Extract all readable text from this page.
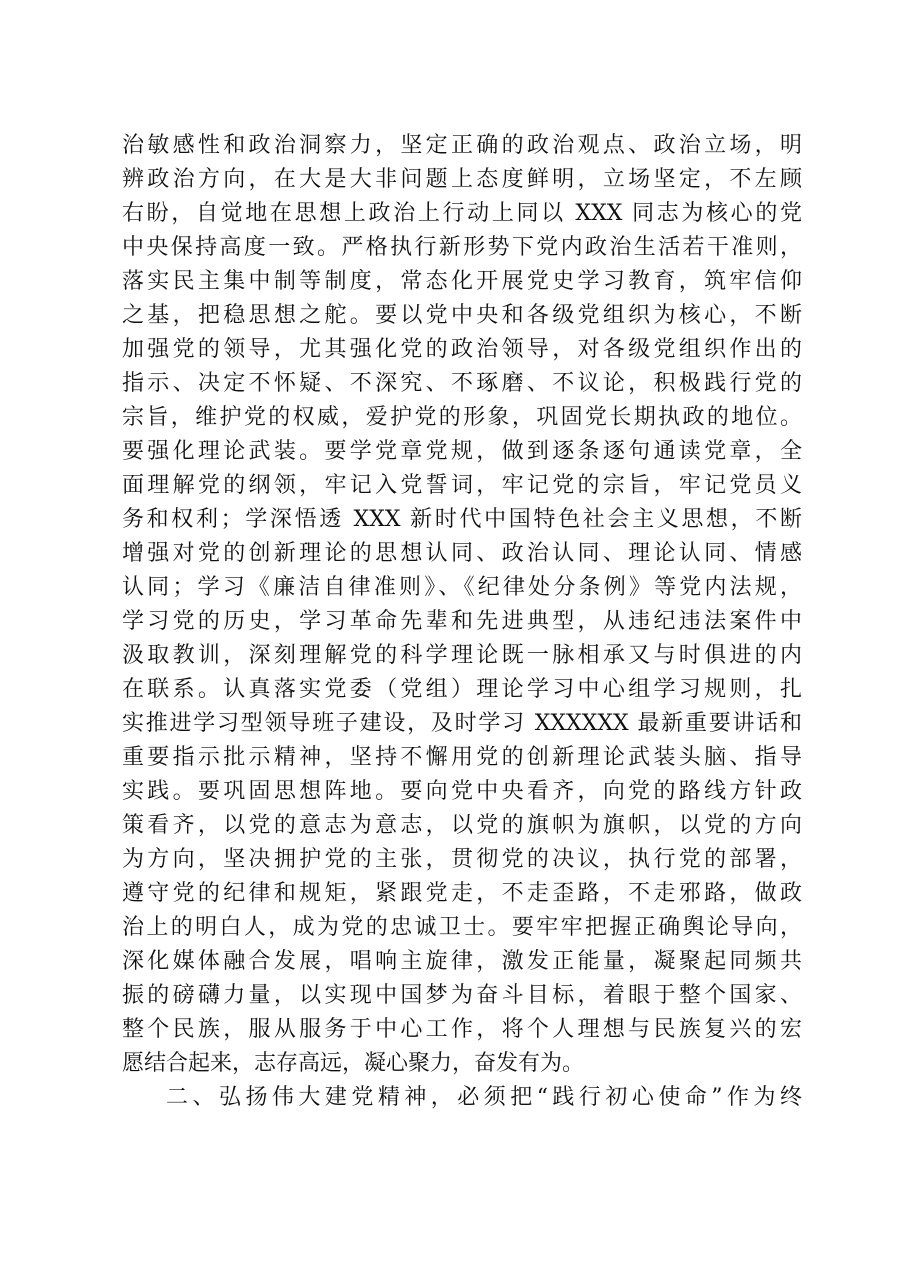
治敏感性和政治洞察力，坚定正确的政治观点、政治立场，明
辨政治方向，在大是大非问题上态度鲜明，立场坚定，不左顾
右盼，自觉地在思想上政治上行动上同以 XXX 同志为核心的党
中央保持高度一致。严格执行新形势下党内政治生活若干准则，
落实民主集中制等制度，常态化开展党史学习教育，筑牢信仰
之基，把稳思想之舵。要以党中央和各级党组织为核心，不断
加强党的领导，尤其强化党的政治领导，对各级党组织作出的
指示、决定不怀疑、不深究、不琢磨、不议论，积极践行党的
宗旨，维护党的权威，爱护党的形象，巩固党长期执政的地位。
要强化理论武装。要学党章党规，做到逐条逐句通读党章，全
面理解党的纲领，牢记入党誓词，牢记党的宗旨，牢记党员义
务和权利；学深悟透 XXX 新时代中国特色社会主义思想，不断
增强对党的创新理论的思想认同、政治认同、理论认同、情感
认同；学习《廉洁自律准则》、《纪律处分条例》等党内法规，
学习党的历史，学习革命先辈和先进典型，从违纪违法案件中
汲取教训，深刻理解党的科学理论既一脉相承又与时俱进的内
在联系。认真落实党委（党组）理论学习中心组学习规则，扎
实推进学习型领导班子建设，及时学习 XXXXXX 最新重要讲话和
重要指示批示精神，坚持不懈用党的创新理论武装头脑、指导
实践。要巩固思想阵地。要向党中央看齐，向党的路线方针政
策看齐，以党的意志为意志，以党的旗帜为旗帜，以党的方向
为方向，坚决拥护党的主张，贯彻党的决议，执行党的部署，
遵守党的纪律和规矩，紧跟党走，不走歪路，不走邪路，做政
治上的明白人，成为党的忠诚卫士。要牢牢把握正确舆论导向，
深化媒体融合发展，唱响主旋律，激发正能量，凝聚起同频共
振的磅礴力量，以实现中国梦为奋斗目标，着眼于整个国家、
整个民族，服从服务于中心工作，将个人理想与民族复兴的宏
愿结合起来，志存高远，凝心聚力，奋发有为。
二、弘扬伟大建党精神，必须把“践行初心使命”作为终
